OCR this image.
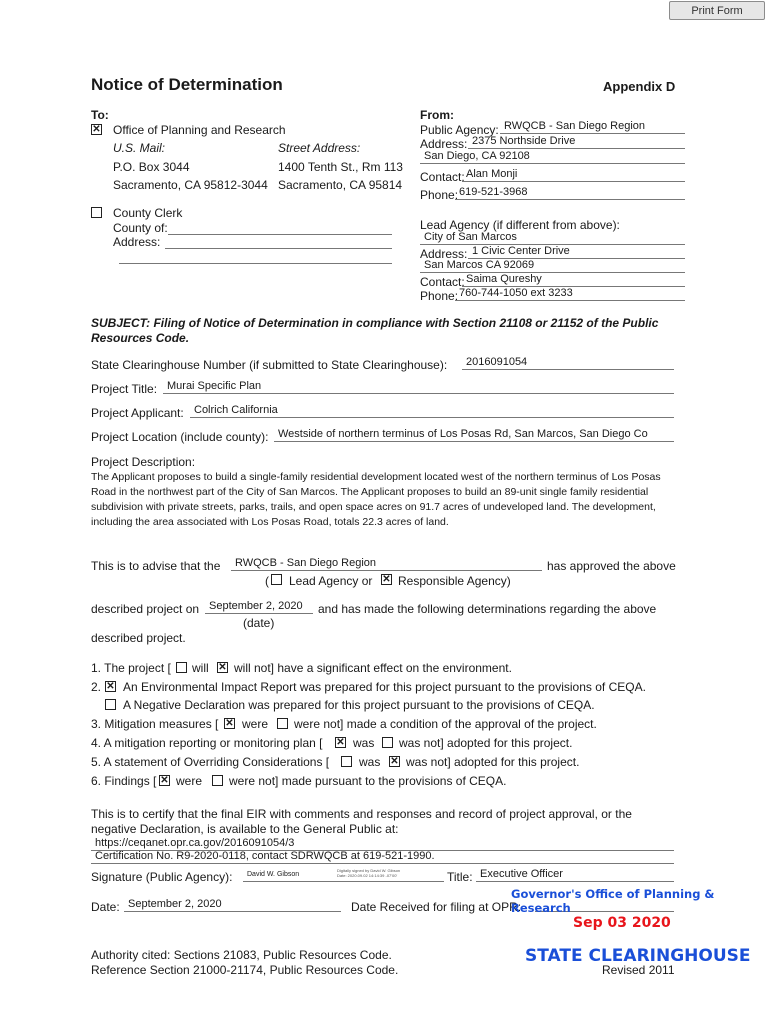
Print Form
Notice of Determination	Appendix D
To:
✕
Office of Planning and Research
U.S. Mail:	Street Address:
P.O. Box 3044	1400 Tenth St., Rm 113
Sacramento, CA 95812-3044 Sacramento, CA 95814
County Clerk
County of:
Address:
From:
Public Agency: RWQCB - San Diego Region
Address: 2375 Northside Drive
San Diego, CA 92108
Contact: Alan Monji
Phone: 619-521-3968
Lead Agency (if different from above):
City of San Marcos
Address: 1 Civic Center Drive
San Marcos CA 92069
Contact: Saima Qureshy
Phone: 760-744-1050 ext 3233
SUBJECT: Filing of Notice of Determination in compliance with Section 21108 or 21152 of the Public
Resources Code.
State Clearinghouse Number (if submitted to State Clearinghouse):	2016091054
Project Title: Murai Specific Plan
Project Applicant: Colrich California
Project Location (include county): Westside of northern terminus of Los Posas Rd, San Marcos, San Diego Co
Project Description:
The Applicant proposes to build a single-family residential development located west of the northern terminus of Los Posas Road in the northwest part of the City of San Marcos. The Applicant proposes to build an 89-unit single family residential subdivision with private streets, parks, trails, and open space acres on 91.7 acres of undeveloped land. The development, including the area associated with Los Posas Road, totals 22.3 acres of land.
This is to advise that the	RWQCB - San Diego Region	has approved the above
( Lead Agency or ✕ Responsible Agency)
described project on September 2, 2020	and has made the following determinations regarding the above
(date)
described project.
1. The project [ will ✕ will not] have a significant effect on the environment.
2. ✕ An Environmental Impact Report was prepared for this project pursuant to the provisions of CEQA.
A Negative Declaration was prepared for this project pursuant to the provisions of CEQA.
3. Mitigation measures [ ✕ were were not] made a condition of the approval of the project.
4. A mitigation reporting or monitoring plan [ ✕	was was not] adopted for this project.
5. A statement of Overriding Considerations [ was ✕ was not] adopted for this project.
6. Findings [ ✕ were were not] made pursuant to the provisions of CEQA.
This is to certify that the final EIR with comments and responses and record of project approval, or the
negative Declaration, is available to the General Public at:
https://ceqanet.opr.ca.gov/2016091054/3
Certification No. R9-2020-0118, contact SDRWQCB at 619-521-1990.
Signature (Public Agency):	David W. Gibson
Digitally signed by David W. Gibson Date: 2020.09.02 14:14:39 -07'00'	Title: Executive Officer
Date: September 2, 2020	Date Received for filing at OPR:
Governor's Office of Planning & Research
Sep 03 2020
STATE CLEARINGHOUSE
Authority cited: Sections 21083, Public Resources Code.
Reference Section 21000-21174, Public Resources Code.	Revised 2011
